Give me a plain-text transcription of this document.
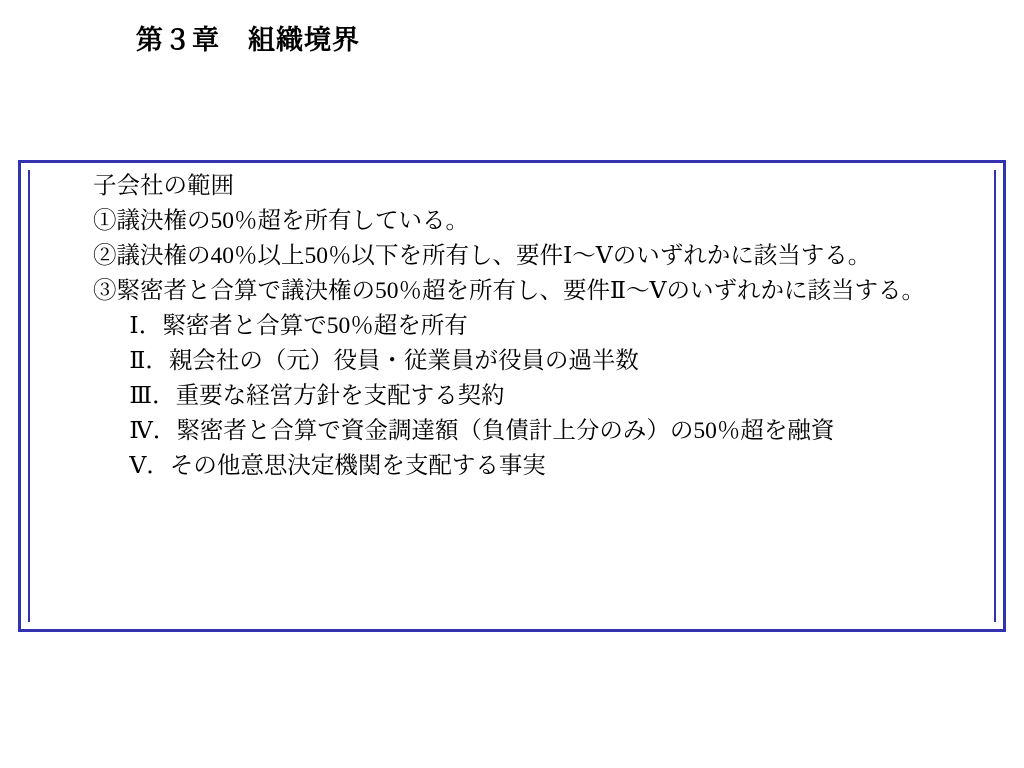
第３章　組織境界
子会社の範囲
①議決権の50％超を所有している。
②議決権の40％以上50％以下を所有し、要件Ⅰ～Ⅴのいずれかに該当する。
③緊密者と合算で議決権の50％超を所有し、要件Ⅱ～Ⅴのいずれかに該当する。
Ⅰ．緊密者と合算で50％超を所有
Ⅱ．親会社の（元）役員・従業員が役員の過半数
Ⅲ．重要な経営方針を支配する契約
Ⅳ．緊密者と合算で資金調達額（負債計上分のみ）の50％超を融資
Ⅴ．その他意思決定機関を支配する事実
